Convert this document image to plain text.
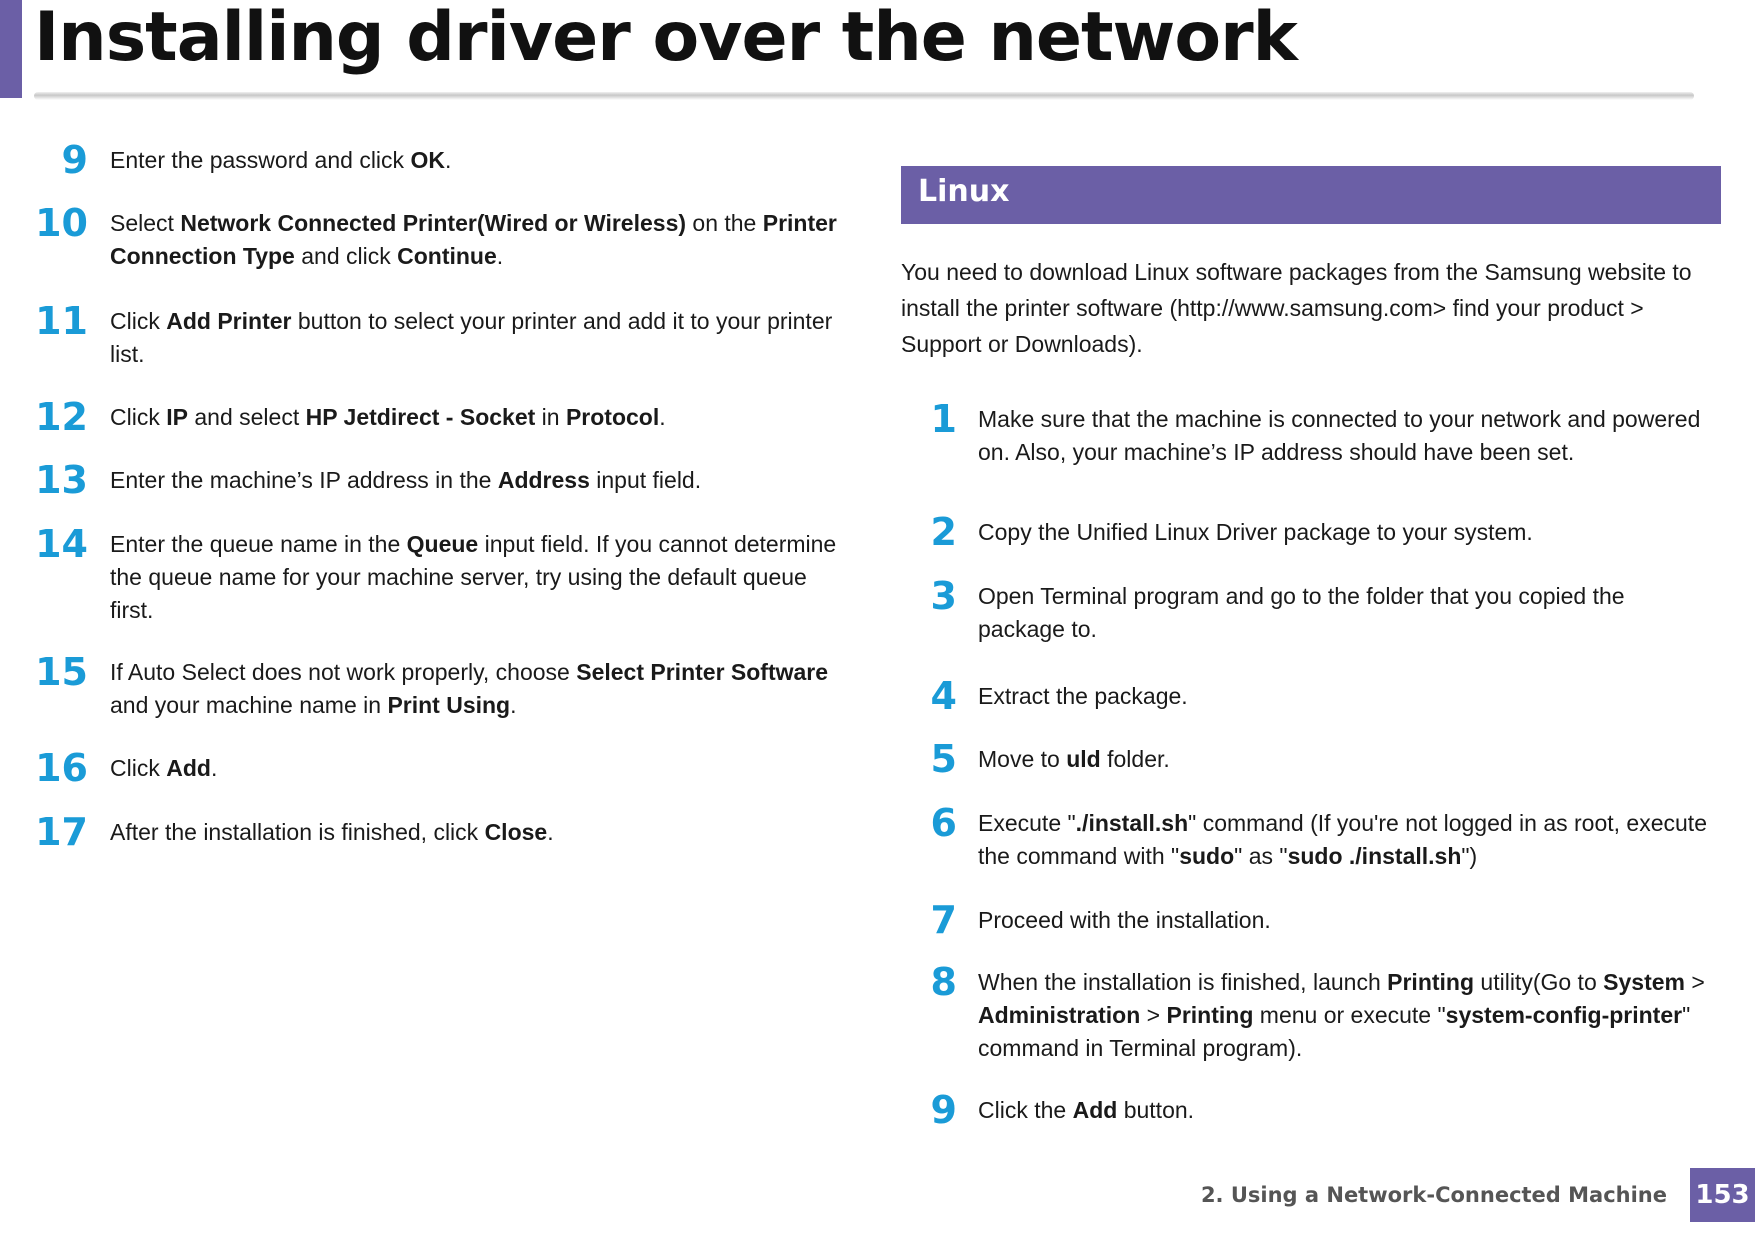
Installing driver over the network
9 Enter the password and click OK.
10 Select Network Connected Printer(Wired or Wireless) on the Printer Connection Type and click Continue.
11 Click Add Printer button to select your printer and add it to your printer list.
12 Click IP and select HP Jetdirect - Socket in Protocol.
13 Enter the machine’s IP address in the Address input field.
14 Enter the queue name in the Queue input field. If you cannot determine the queue name for your machine server, try using the default queue first.
15 If Auto Select does not work properly, choose Select Printer Software and your machine name in Print Using.
16 Click Add.
17 After the installation is finished, click Close.
Linux

You need to download Linux software packages from the Samsung website to install the printer software (http://www.samsung.com> find your product > Support or Downloads).

1 Make sure that the machine is connected to your network and powered on. Also, your machine’s IP address should have been set.
2 Copy the Unified Linux Driver package to your system.
3 Open Terminal program and go to the folder that you copied the package to.
4 Extract the package.
5 Move to uld folder.
6 Execute "./install.sh" command (If you're not logged in as root, execute the command with "sudo" as "sudo ./install.sh")
7 Proceed with the installation.
8 When the installation is finished, launch Printing utility(Go to System > Administration > Printing menu or execute "system-config-printer" command in Terminal program).
9 Click the Add button.
2. Using a Network-Connected Machine 153
